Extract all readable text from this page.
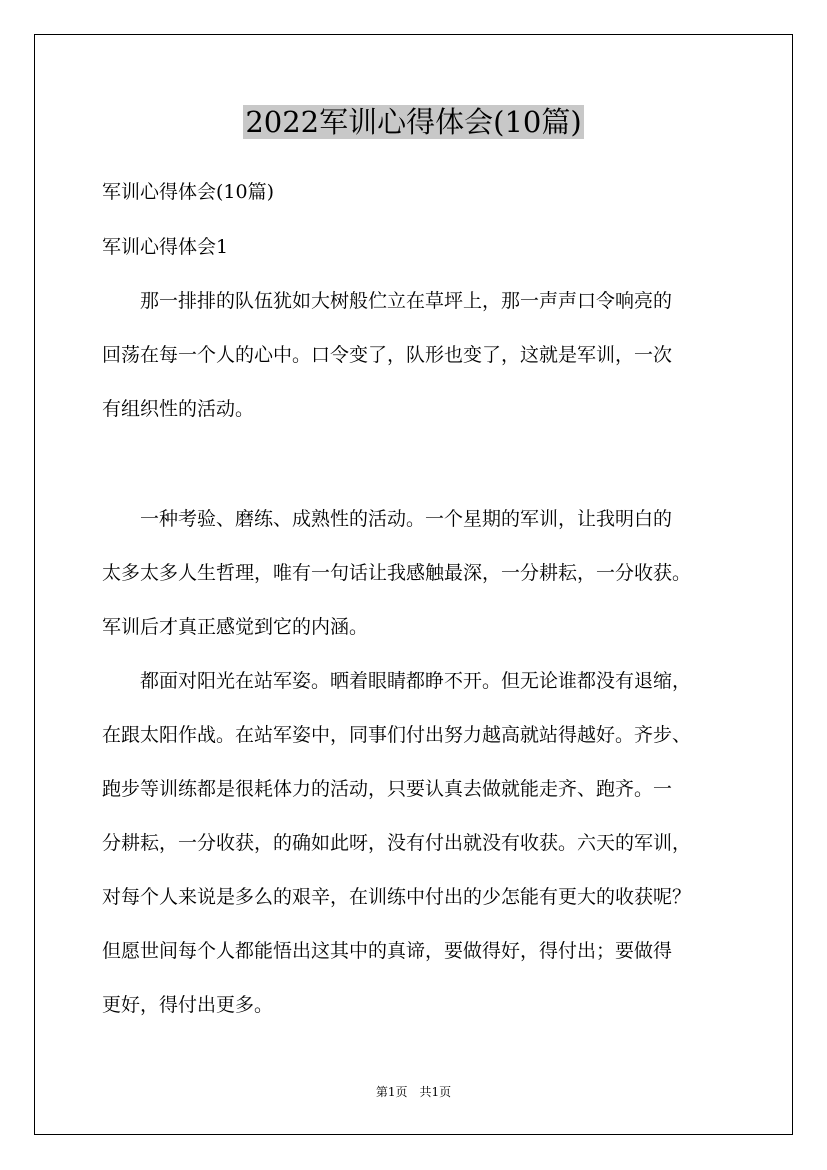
2022军训心得体会(10篇)
军训心得体会(10篇)
军训心得体会1
　　那一排排的队伍犹如大树般伫立在草坪上，那一声声口令响亮的
回荡在每一个人的心中。口令变了，队形也变了，这就是军训，一次
有组织性的活动。
　　一种考验、磨练、成熟性的活动。一个星期的军训，让我明白的
太多太多人生哲理，唯有一句话让我感触最深，一分耕耘，一分收获。
军训后才真正感觉到它的内涵。
　　都面对阳光在站军姿。晒着眼睛都睁不开。但无论谁都没有退缩，
在跟太阳作战。在站军姿中，同事们付出努力越高就站得越好。齐步、
跑步等训练都是很耗体力的活动，只要认真去做就能走齐、跑齐。一
分耕耘，一分收获，的确如此呀，没有付出就没有收获。六天的军训，
对每个人来说是多么的艰辛，在训练中付出的少怎能有更大的收获呢？
但愿世间每个人都能悟出这其中的真谛，要做得好，得付出；要做得
更好，得付出更多。
第1页　共1页
